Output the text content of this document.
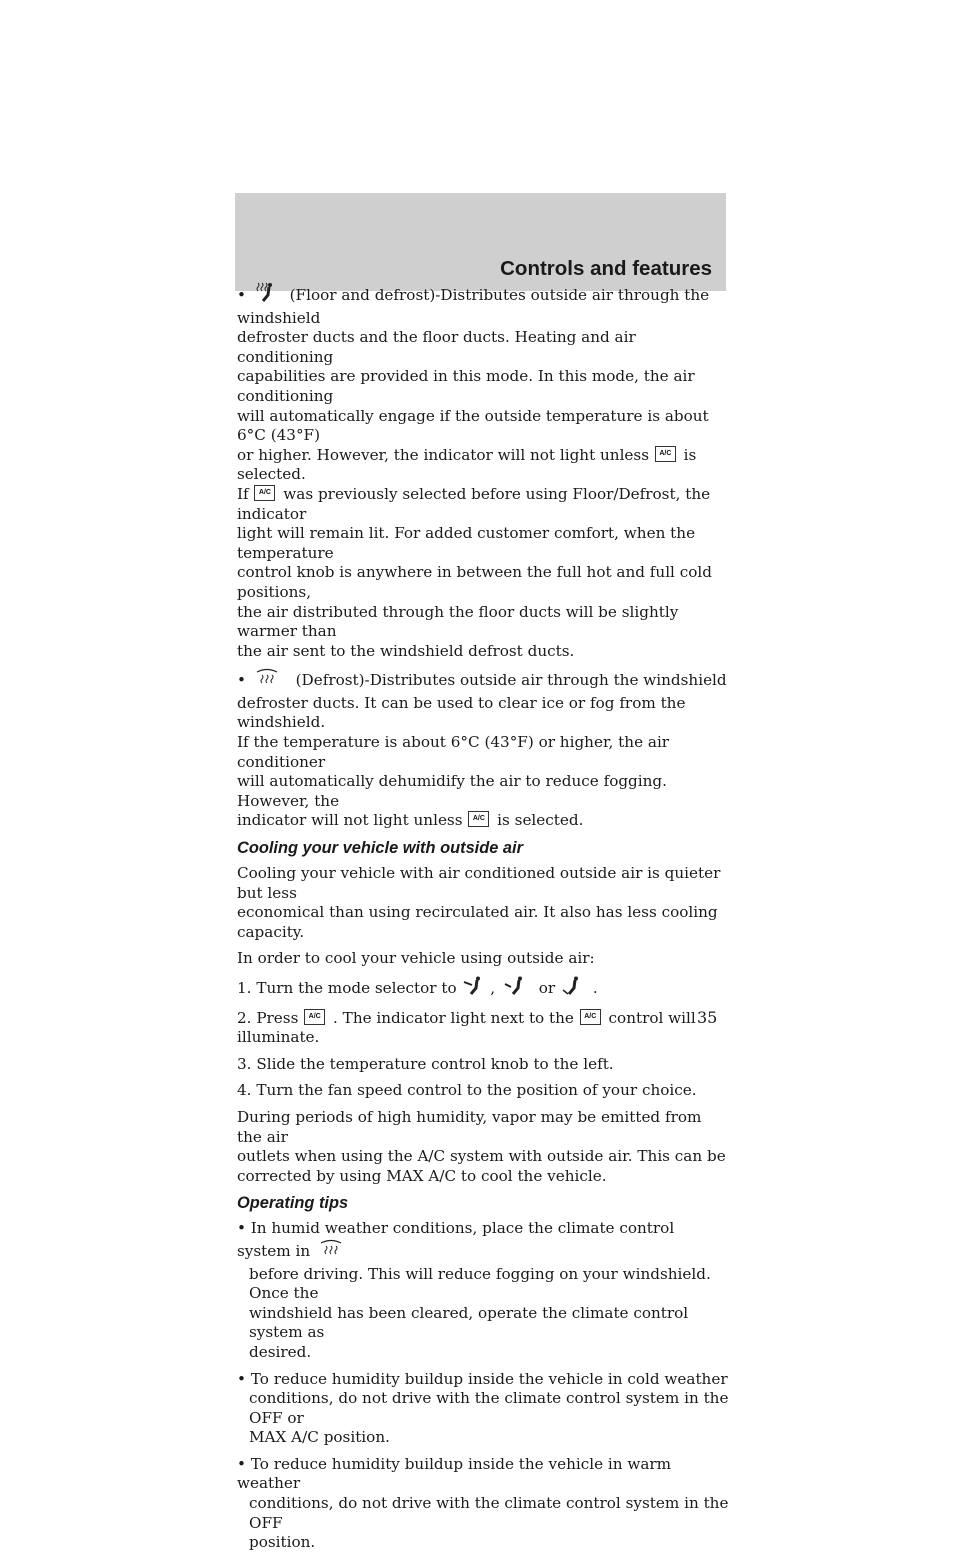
Controls and features
•	(Floor and defrost)-Distributes outside air through the windshield
defroster ducts and the floor ducts. Heating and air conditioning
capabilities are provided in this mode. In this mode, the air conditioning
will automatically engage if the outside temperature is about 6°C (43°F)
or higher. However, the indicator will not light unless A/C is selected.
If A/C was previously selected before using Floor/Defrost, the indicator
light will remain lit. For added customer comfort, when the temperature
control knob is anywhere in between the full hot and full cold positions,
the air distributed through the floor ducts will be slightly warmer than
the air sent to the windshield defrost ducts.
•	(Defrost)-Distributes outside air through the windshield
defroster ducts. It can be used to clear ice or fog from the windshield.
If the temperature is about 6°C (43°F) or higher, the air conditioner
will automatically dehumidify the air to reduce fogging. However, the
indicator will not light unless A/C is selected.
Cooling your vehicle with outside air

Cooling your vehicle with air conditioned outside air is quieter but less
economical than using recirculated air. It also has less cooling capacity.

In order to cool your vehicle using outside air:

1. Turn the mode selector to ,	or .

2. Press A/C . The indicator light next to the A/C control will illuminate.

3. Slide the temperature control knob to the left.

4. Turn the fan speed control to the position of your choice.

During periods of high humidity, vapor may be emitted from the air
outlets when using the A/C system with outside air. This can be
corrected by using MAX A/C to cool the vehicle.

Operating tips
• In humid weather conditions, place the climate control system in
before driving. This will reduce fogging on your windshield. Once the
windshield has been cleared, operate the climate control system as
desired.
• To reduce humidity buildup inside the vehicle in cold weather
conditions, do not drive with the climate control system in the OFF or
MAX A/C position.
• To reduce humidity buildup inside the vehicle in warm weather
conditions, do not drive with the climate control system in the OFF
position.
35
